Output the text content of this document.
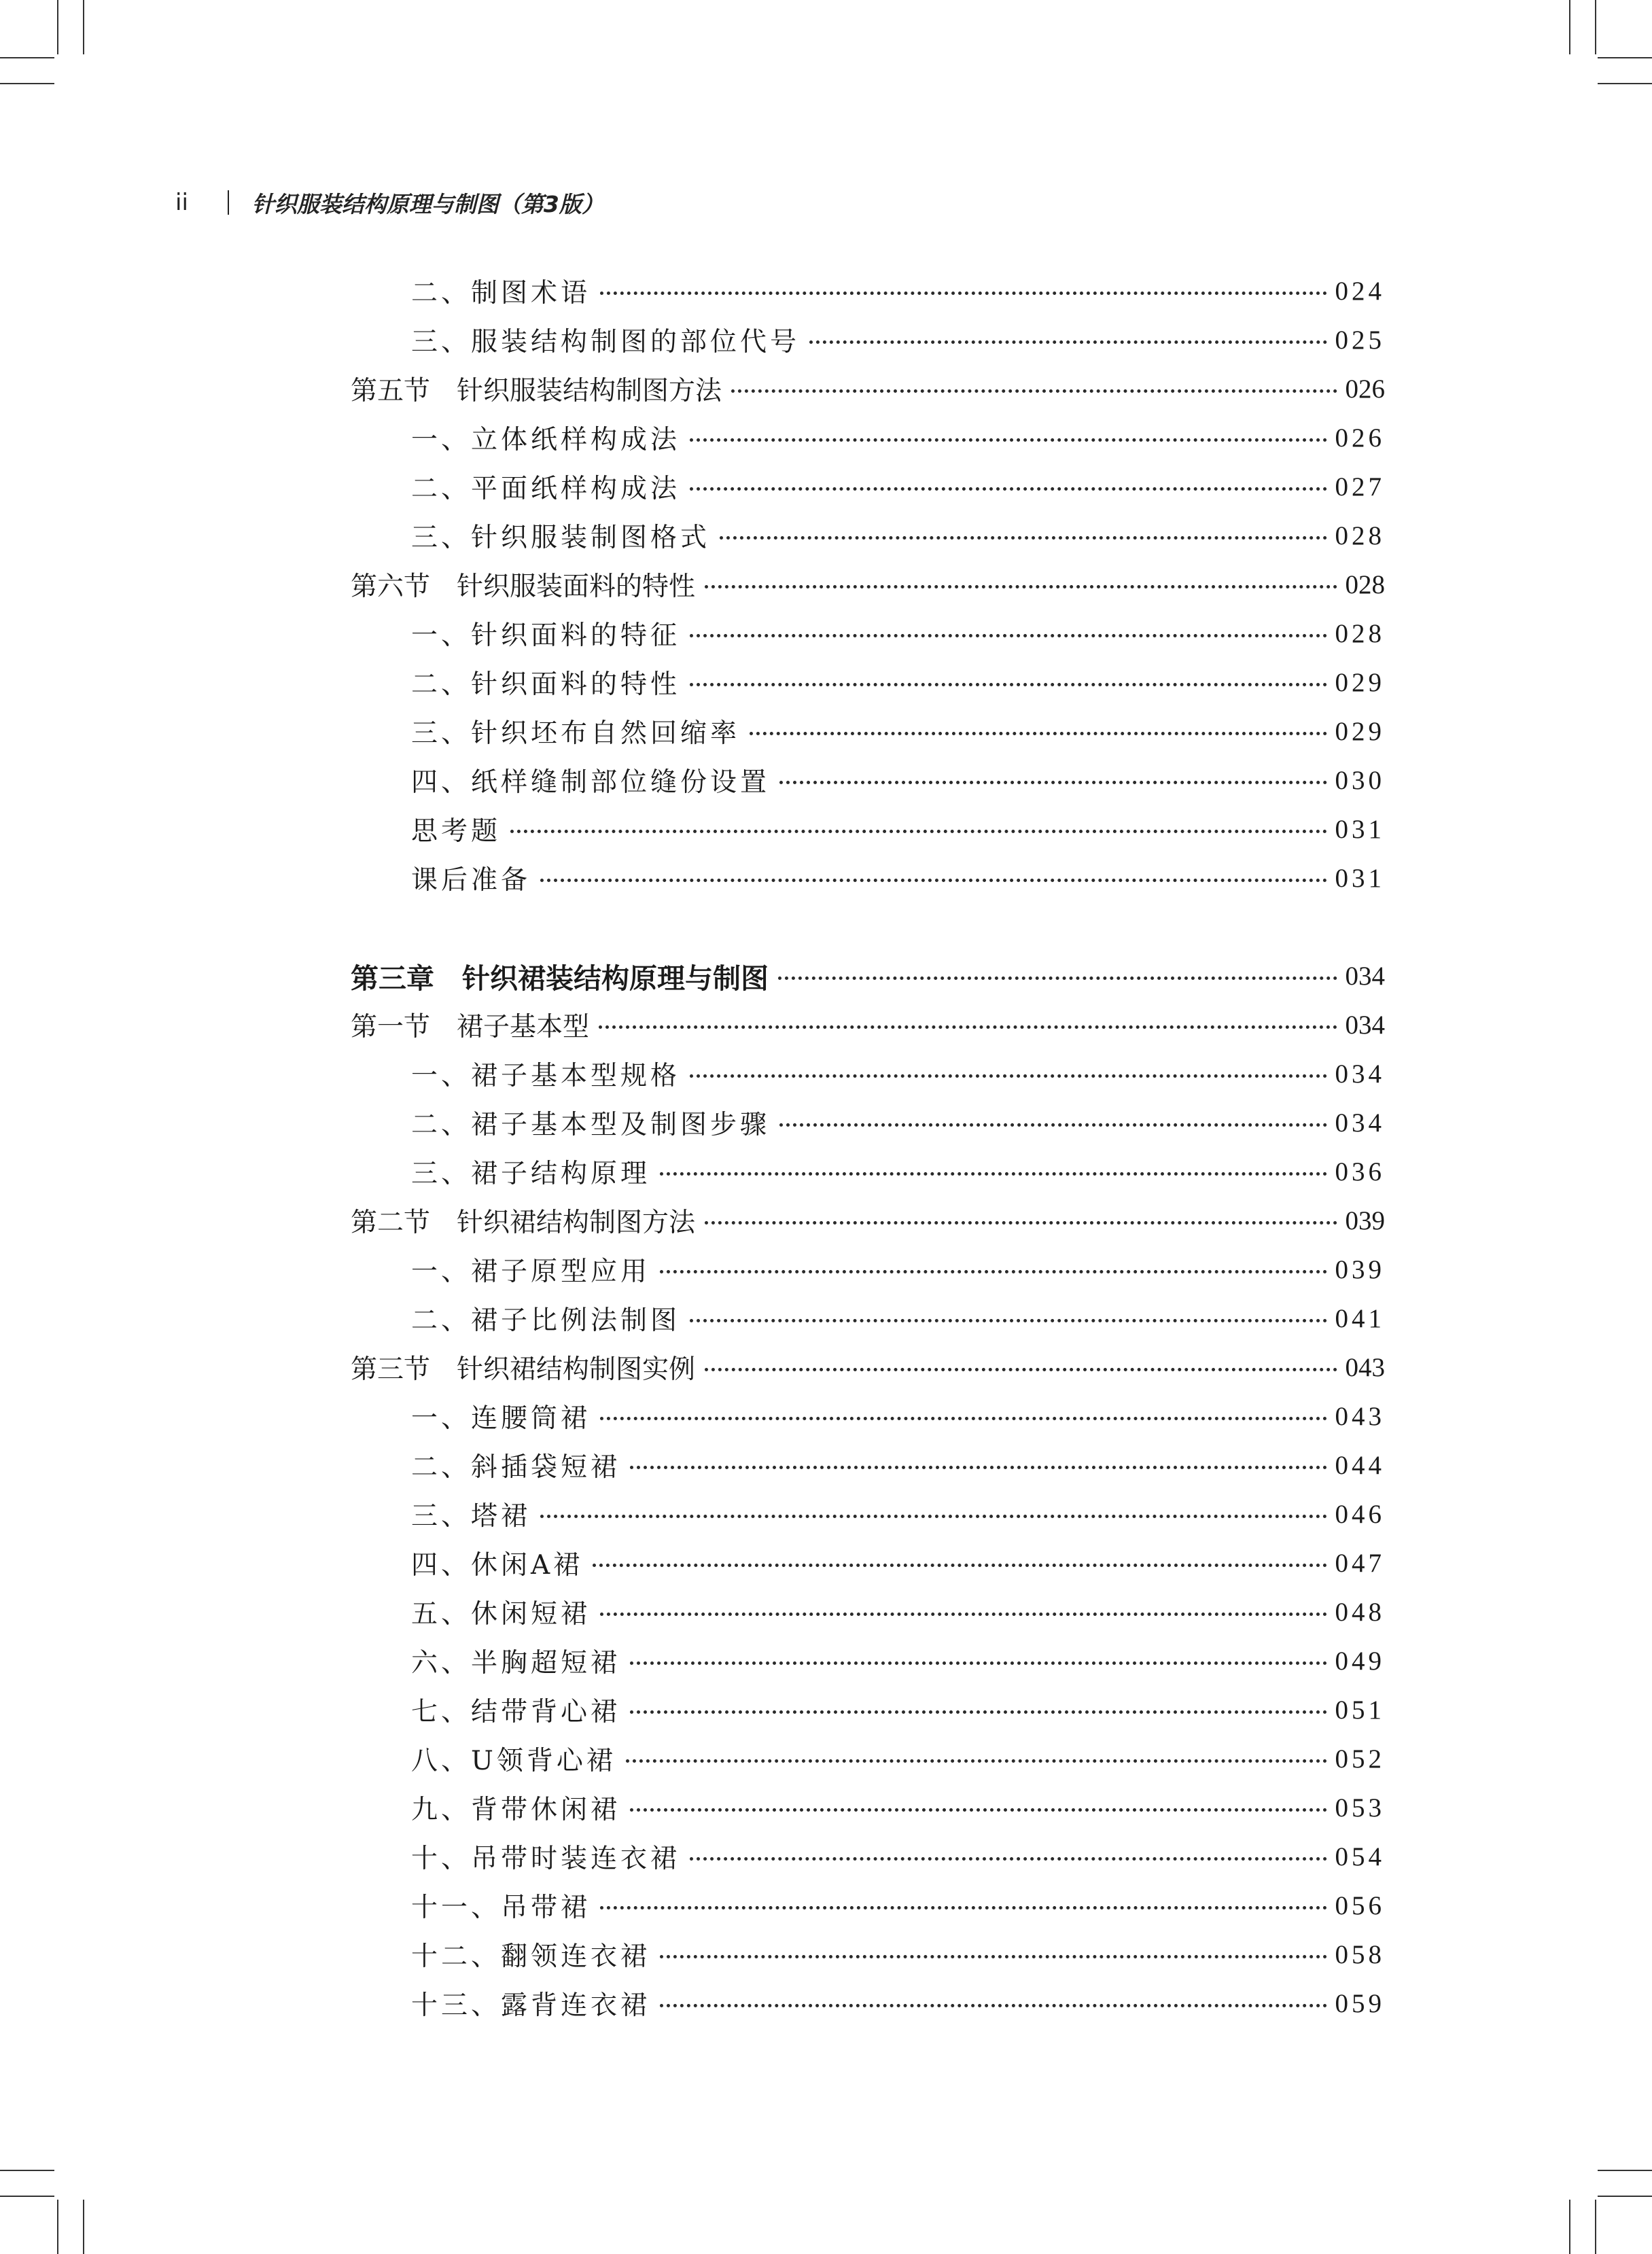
ii	针织服装结构原理与制图（第3版）
二、制图术语	024
三、服装结构制图的部位代号	025
第五节　针织服装结构制图方法	026
一、立体纸样构成法	026
二、平面纸样构成法	027
三、针织服装制图格式	028
第六节　针织服装面料的特性	028
一、针织面料的特征	028
二、针织面料的特性	029
三、针织坯布自然回缩率	029
四、纸样缝制部位缝份设置	030
思考题	031
课后准备	031
第三章　针织裙装结构原理与制图	034
第一节　裙子基本型	034
一、裙子基本型规格	034
二、裙子基本型及制图步骤	034
三、裙子结构原理	036
第二节　针织裙结构制图方法	039
一、裙子原型应用	039
二、裙子比例法制图	041
第三节　针织裙结构制图实例	043
一、连腰筒裙	043
二、斜插袋短裙	044
三、塔裙	046
四、休闲A裙	047
五、休闲短裙	048
六、半胸超短裙	049
七、结带背心裙	051
八、U领背心裙	052
九、背带休闲裙	053
十、吊带时装连衣裙	054
十一、吊带裙	056
十二、翻领连衣裙	058
十三、露背连衣裙	059
